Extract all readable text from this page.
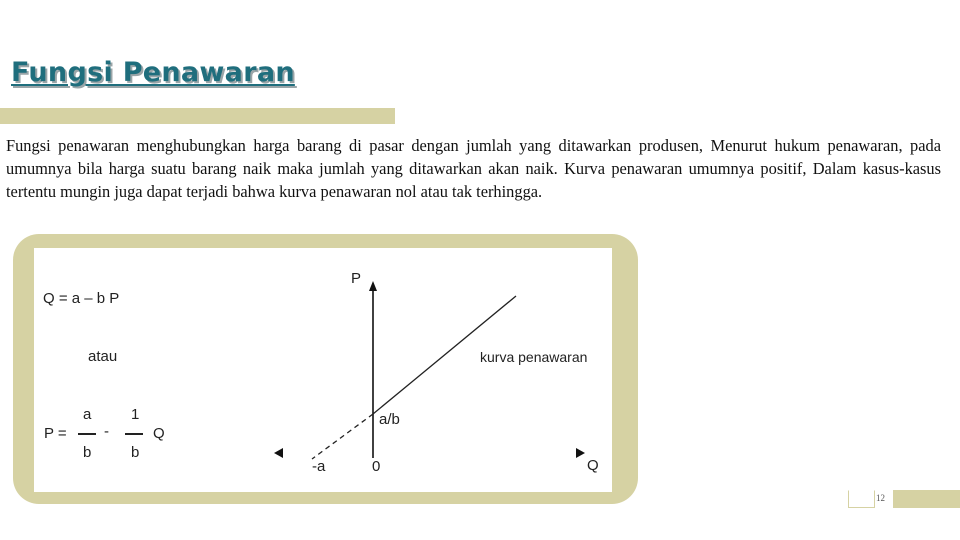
Fungsi Penawaran

Fungsi penawaran menghubungkan harga barang di pasar dengan jumlah yang ditawarkan produsen, Menurut hukum penawaran, pada umumnya bila harga suatu barang naik maka jumlah yang ditawarkan akan naik. Kurva penawaran umumnya positif, Dalam kasus-kasus tertentu mungin juga dapat terjadi bahwa kurva penawaran nol atau tak terhingga.

Q = a – b P
atau
P =
a
b
-
1
b
Q
P
Q
kurva penawaran
a/b
-a	0
12
